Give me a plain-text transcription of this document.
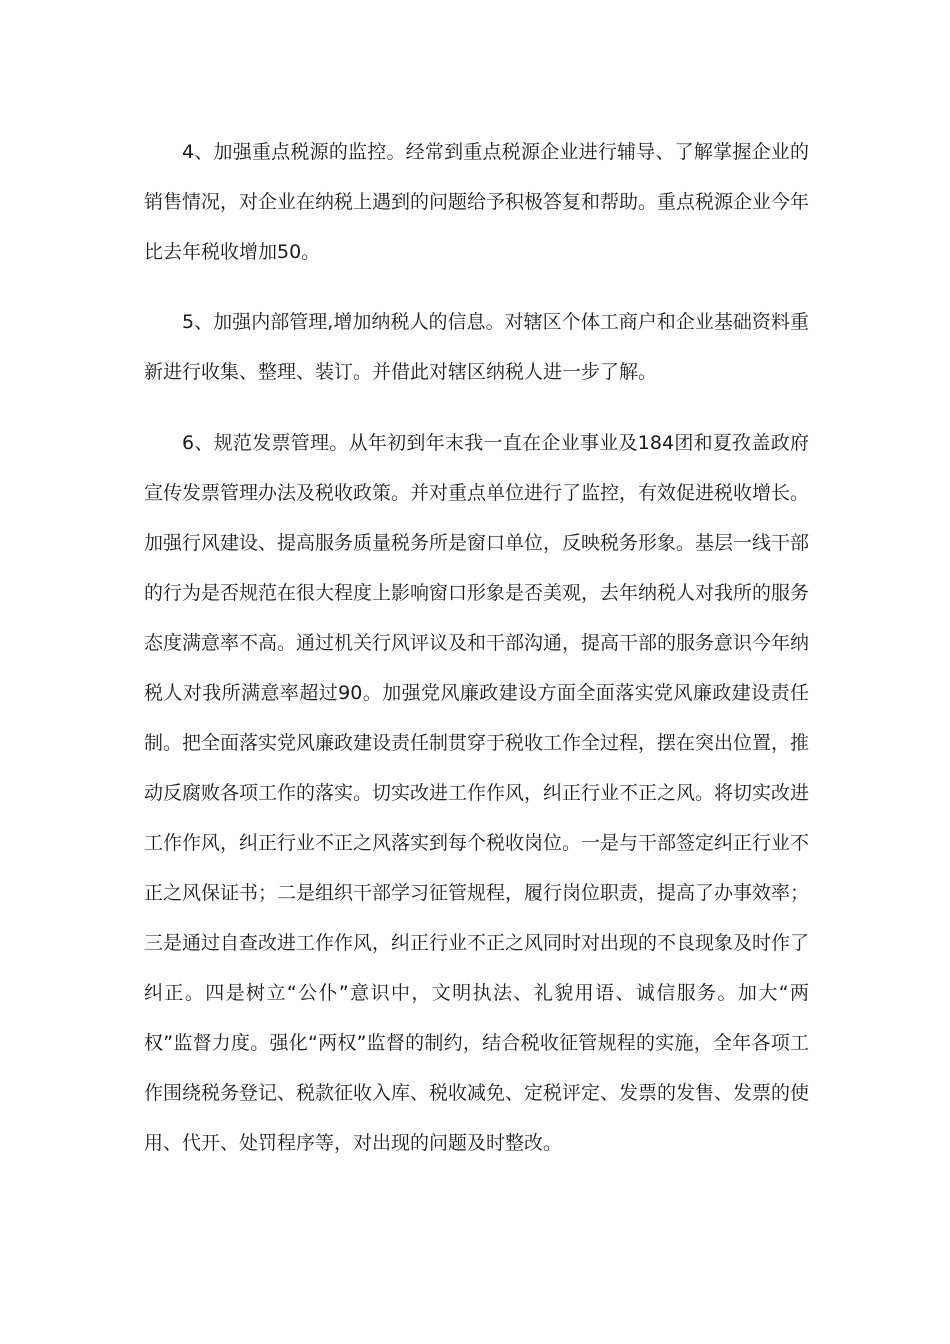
4、加强重点税源的监控。经常到重点税源企业进行辅导、了解掌握企业的销售情况，对企业在纳税上遇到的问题给予积极答复和帮助。重点税源企业今年比去年税收增加50。

5、加强内部管理,增加纳税人的信息。对辖区个体工商户和企业基础资料重新进行收集、整理、装订。并借此对辖区纳税人进一步了解。

6、规范发票管理。从年初到年末我一直在企业事业及184团和夏孜盖政府宣传发票管理办法及税收政策。并对重点单位进行了监控，有效促进税收增长。加强行风建设、提高服务质量税务所是窗口单位，反映税务形象。基层一线干部的行为是否规范在很大程度上影响窗口形象是否美观，去年纳税人对我所的服务态度满意率不高。通过机关行风评议及和干部沟通，提高干部的服务意识今年纳税人对我所满意率超过90。加强党风廉政建设方面全面落实党风廉政建设责任制。把全面落实党风廉政建设责任制贯穿于税收工作全过程，摆在突出位置，推动反腐败各项工作的落实。切实改进工作作风，纠正行业不正之风。将切实改进工作作风，纠正行业不正之风落实到每个税收岗位。一是与干部签定纠正行业不正之风保证书；二是组织干部学习征管规程，履行岗位职责，提高了办事效率；三是通过自查改进工作作风，纠正行业不正之风同时对出现的不良现象及时作了纠正。四是树立“公仆”意识中，文明执法、礼貌用语、诚信服务。加大“两权”监督力度。强化“两权”监督的制约，结合税收征管规程的实施，全年各项工作围绕税务登记、税款征收入库、税收减免、定税评定、发票的发售、发票的使用、代开、处罚程序等，对出现的问题及时整改。
